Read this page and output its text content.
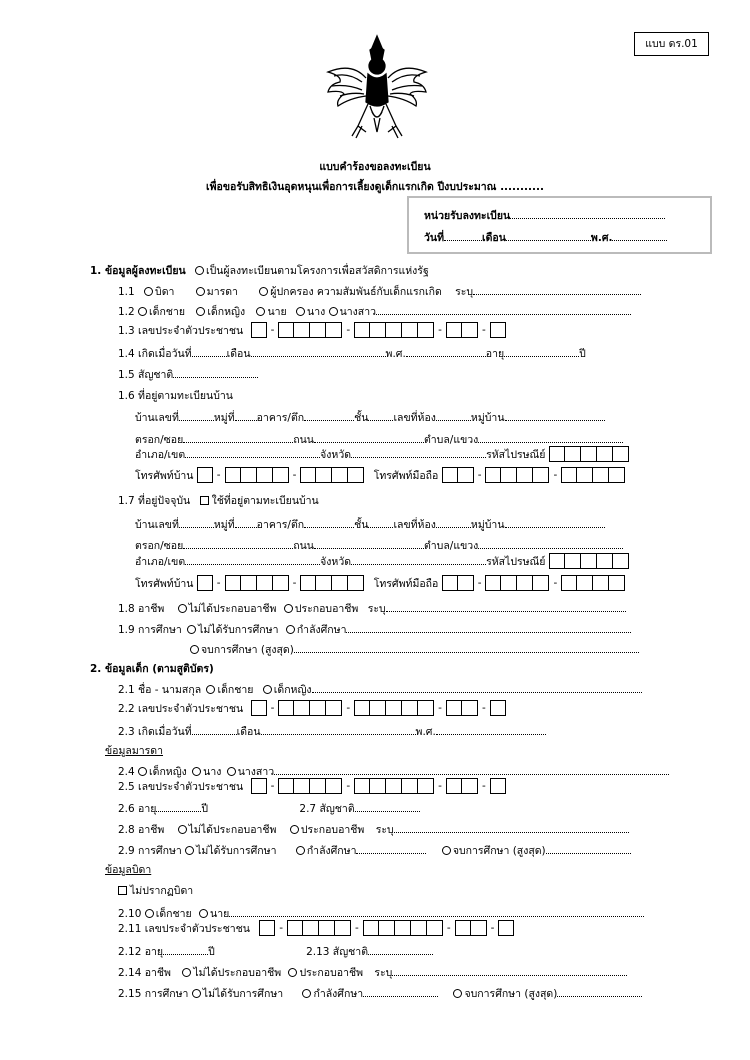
แบบ ดร.01
แบบคำร้องขอลงทะเบียน
เพื่อขอรับสิทธิเงินอุดหนุนเพื่อการเลี้ยงดูเด็กแรกเกิด ปีงบประมาณ ...........
หน่วยรับลงทะเบียน
วันที่	เดือน	พ.ศ.
1. ข้อมูลผู้ลงทะเบียน เป็นผู้ลงทะเบียนตามโครงการเพื่อสวัสดิการแห่งรัฐ
1.1 บิดา	มารดา	ผู้ปกครอง ความสัมพันธ์กับเด็กแรกเกิด ระบุ
1.2 เด็กชาย เด็กหญิง นาย นาง นางสาว
1.3 เลขประจำตัวประชาชน	-	-	-	-
1.4 เกิดเมื่อวันที่	เดือน	พ.ศ.	อายุ	ปี
1.5 สัญชาติ
1.6 ที่อยู่ตามทะเบียนบ้าน
บ้านเลขที่	หมู่ที่ อาคาร/ตึก	ชั้น เลขที่ห้อง	หมู่บ้าน
ตรอก/ซอย	ถนน	ตำบล/แขวง
อำเภอ/เขต	จังหวัด	รหัสไปรษณีย์
โทรศัพท์บ้าน -	-	โทรศัพท์มือถือ	-	-
1.7 ที่อยู่ปัจจุบัน ใช้ที่อยู่ตามทะเบียนบ้าน
บ้านเลขที่	หมู่ที่ อาคาร/ตึก	ชั้น เลขที่ห้อง	หมู่บ้าน
ตรอก/ซอย	ถนน	ตำบล/แขวง
อำเภอ/เขต	จังหวัด	รหัสไปรษณีย์
โทรศัพท์บ้าน -	-	โทรศัพท์มือถือ	-	-
1.8 อาชีพ ไม่ได้ประกอบอาชีพ ประกอบอาชีพ ระบุ
1.9 การศึกษา ไม่ได้รับการศึกษา กำลังศึกษา
จบการศึกษา (สูงสุด)
2. ข้อมูลเด็ก (ตามสูติบัตร)
2.1 ชื่อ - นามสกุล เด็กชาย เด็กหญิง
2.2 เลขประจำตัวประชาชน	-	-	-	-
2.3 เกิดเมื่อวันที่	เดือน	พ.ศ.
ข้อมูลมารดา
2.4 เด็กหญิง นาง นางสาว
2.5 เลขประจำตัวประชาชน	-	-	-	-
2.6 อายุ	ปี	2.7 สัญชาติ
2.8 อาชีพ ไม่ได้ประกอบอาชีพ ประกอบอาชีพ ระบุ
2.9 การศึกษา ไม่ได้รับการศึกษา	กำลังศึกษา	จบการศึกษา (สูงสุด)
ข้อมูลบิดา
ไม่ปรากฏบิดา
2.10 เด็กชาย นาย
2.11 เลขประจำตัวประชาชน	-	-	-	-
2.12 อายุ	ปี	2.13 สัญชาติ
2.14 อาชีพ ไม่ได้ประกอบอาชีพ ประกอบอาชีพ ระบุ
2.15 การศึกษา ไม่ได้รับการศึกษา	กำลังศึกษา	จบการศึกษา (สูงสุด)
